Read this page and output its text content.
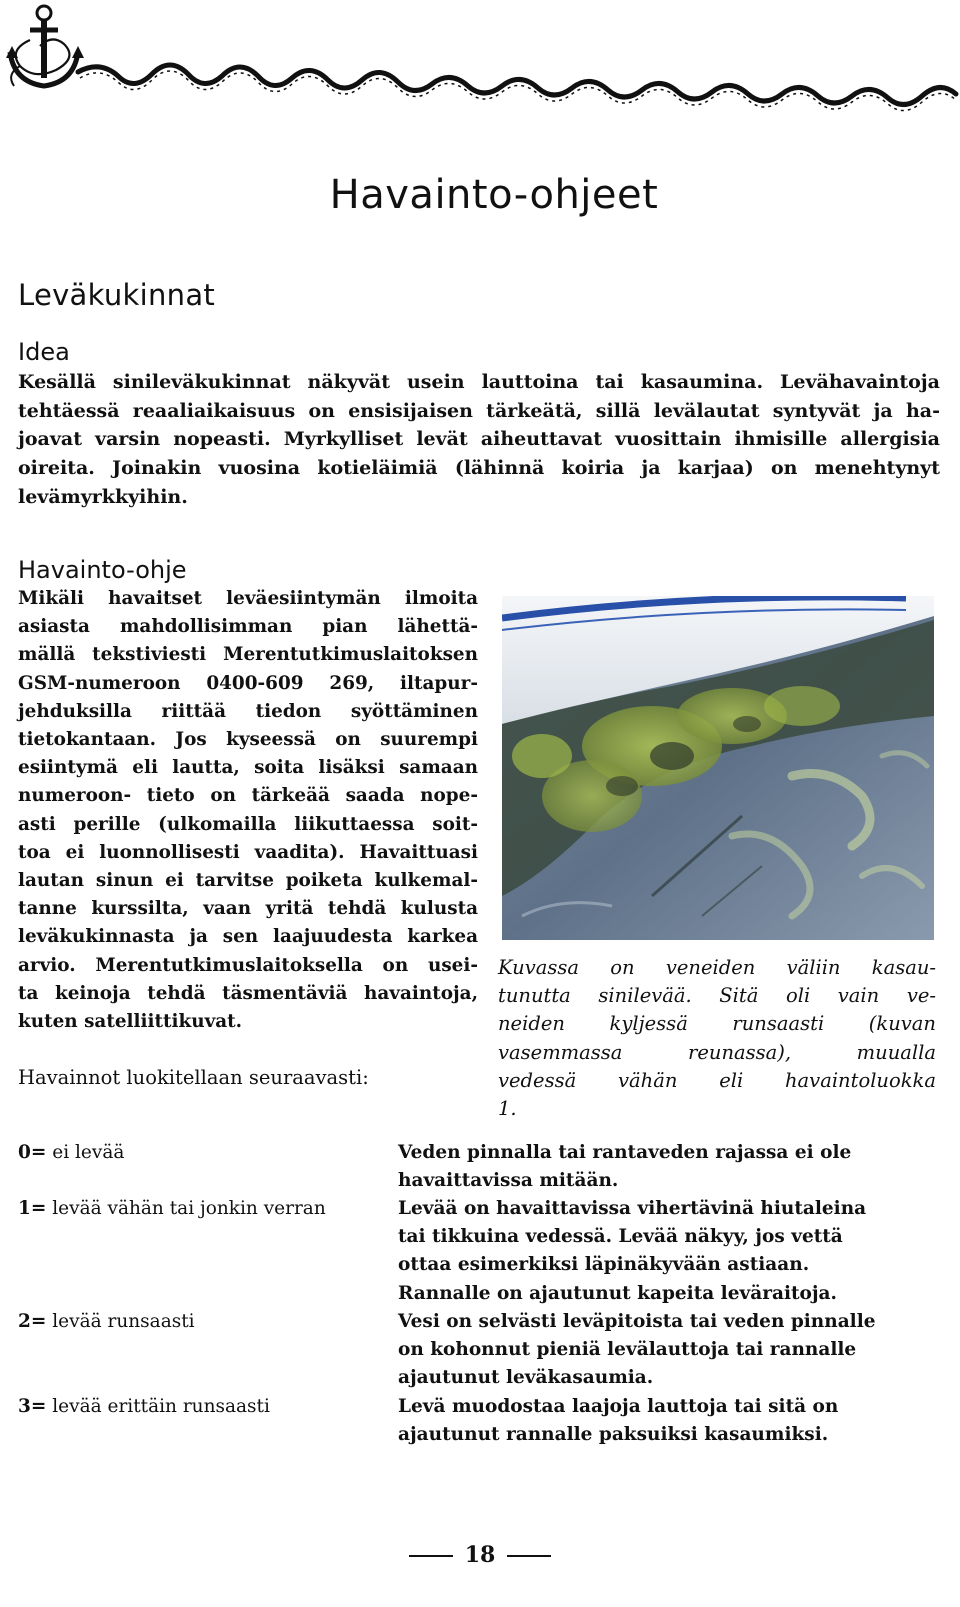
Havainto-ohjeet
Leväkukinnat
Idea
Kesällä sinileväkukinnat näkyvät usein lauttoina tai kasaumina. Levähavaintoja
tehtäessä reaaliaikaisuus on ensisijaisen tärkeätä, sillä levälautat syntyvät ja ha-
joavat varsin nopeasti. Myrkylliset levät aiheuttavat vuosittain ihmisille allergisia
oireita. Joinakin vuosina kotieläimiä (lähinnä koiria ja karjaa) on menehtynyt
levämyrkkyihin.
Havainto-ohje
Mikäli havaitset leväesiintymän ilmoita
asiasta mahdollisimman pian lähettä-
mällä tekstiviesti Merentutkimuslaitoksen
GSM-numeroon 0400-609 269, iltapur-
jehduksilla riittää tiedon syöttäminen
tietokantaan. Jos kyseessä on suurempi
esiintymä eli lautta, soita lisäksi samaan
numeroon- tieto on tärkeää saada nope-
asti perille (ulkomailla liikuttaessa soit-
toa ei luonnollisesti vaadita). Havaittuasi
lautan sinun ei tarvitse poiketa kulkemal-
tanne kurssilta, vaan yritä tehdä kulusta
leväkukinnasta ja sen laajuudesta karkea
arvio. Merentutkimuslaitoksella on usei-
ta keinoja tehdä täsmentäviä havaintoja,
kuten satelliittikuvat.
Havainnot luokitellaan seuraavasti:
Kuvassa on veneiden väliin kasau-
tunutta sinilevää. Sitä oli vain ve-
neiden kyljessä runsaasti (kuvan
vasemmassa reunassa), muualla
vedessä vähän eli havaintoluokka
1.
0= ei levää	Veden pinnalla tai rantaveden rajassa ei ole
havaittavissa mitään.
1= levää vähän tai jonkin verran	Levää on havaittavissa vihertävinä hiutaleina
tai tikkuina vedessä. Levää näkyy, jos vettä
ottaa esimerkiksi läpinäkyvään astiaan.
Rannalle on ajautunut kapeita leväraitoja.
2= levää runsaasti	Vesi on selvästi leväpitoista tai veden pinnalle
on kohonnut pieniä levälauttoja tai rannalle
ajautunut leväkasaumia.
3= levää erittäin runsaasti	Levä muodostaa laajoja lauttoja tai sitä on
ajautunut rannalle paksuiksi kasaumiksi.
18
